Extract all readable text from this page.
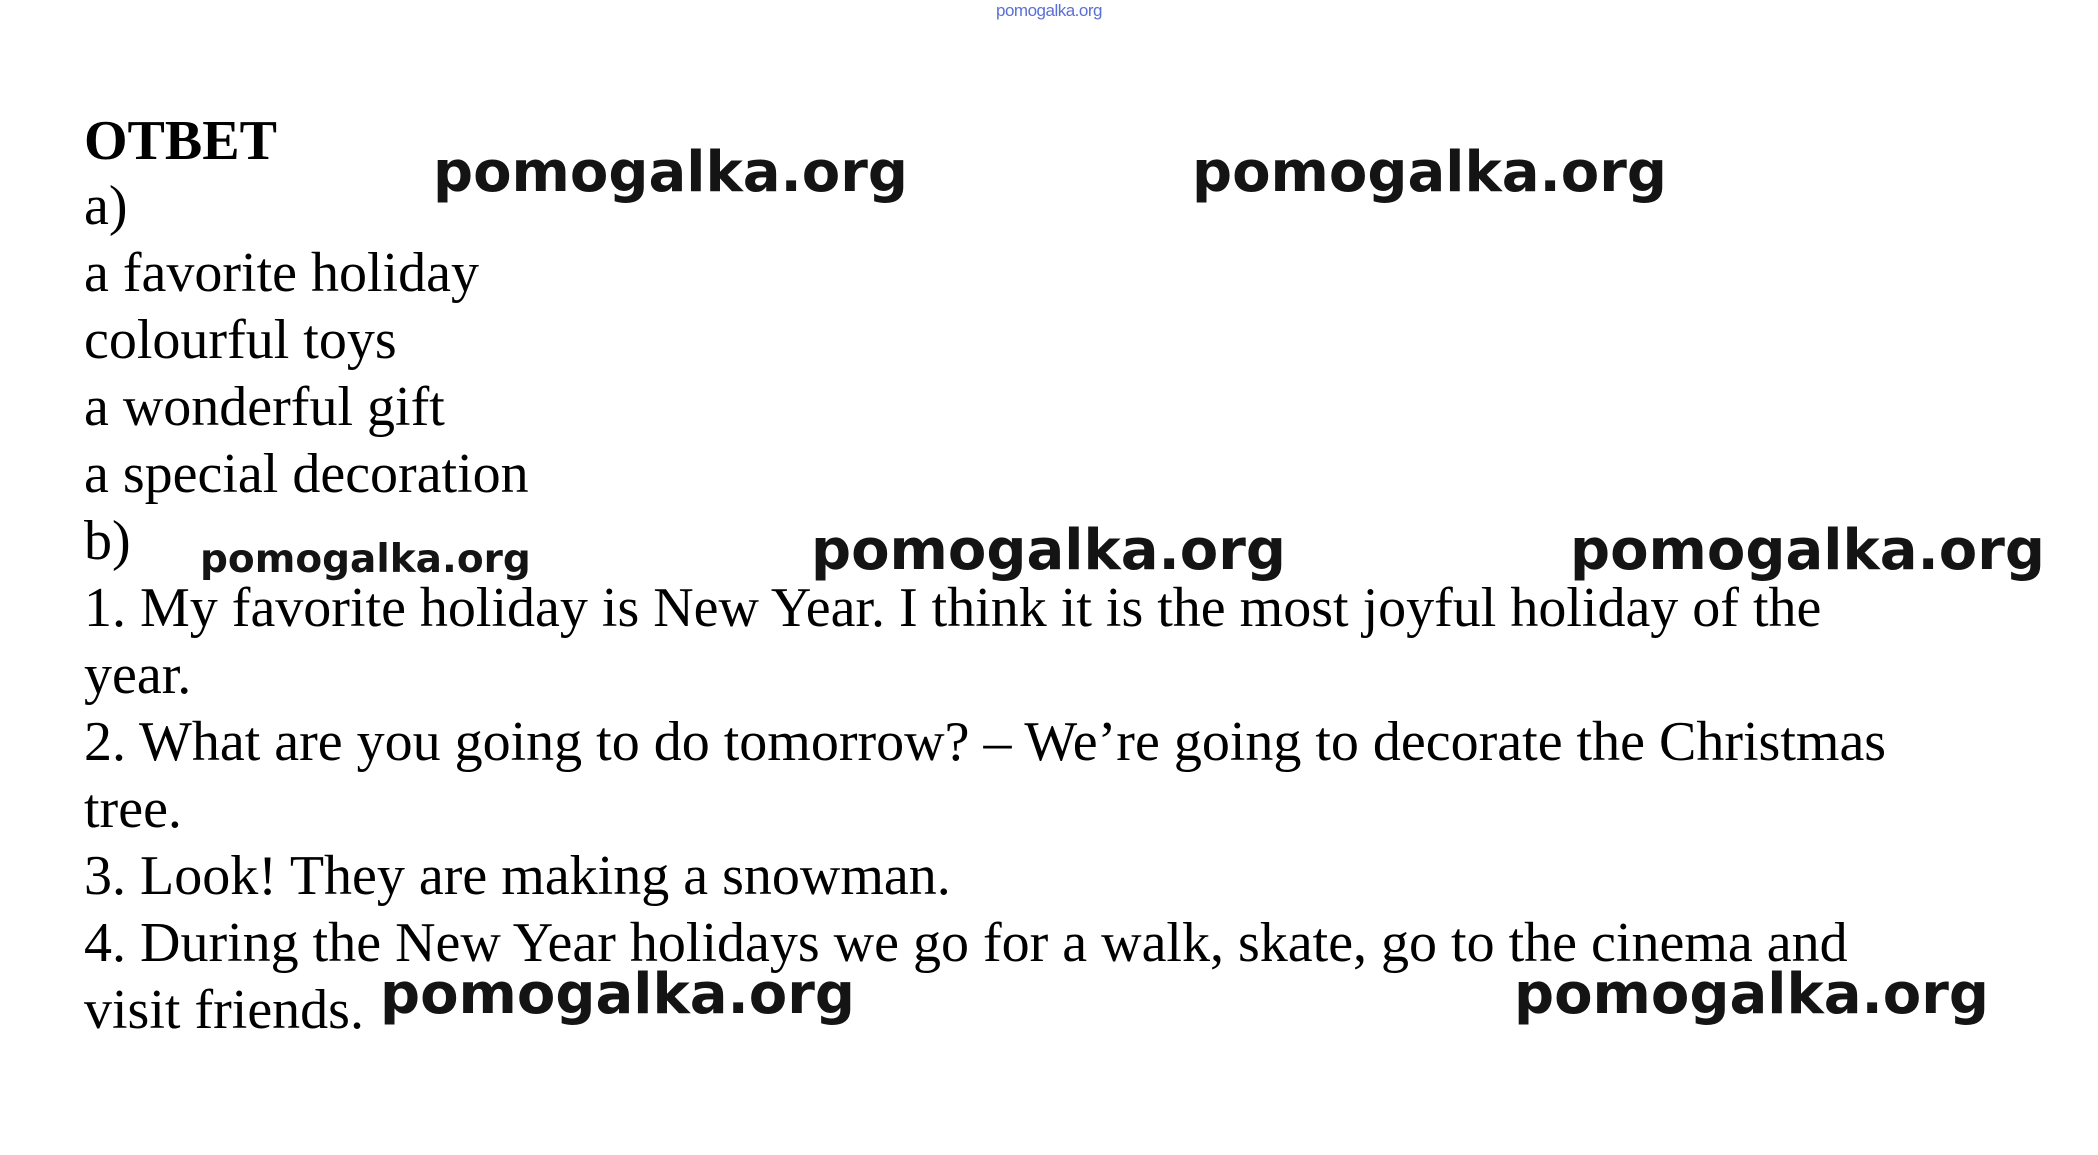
pomogalka.org
ОТВЕТ
a)
a favorite holiday
colourful toys
a wonderful gift
a special decoration
b)
1. My favorite holiday is New Year. I think it is the most joyful holiday of the
year.
2. What are you going to do tomorrow? – We’re going to decorate the Christmas
tree.
3. Look! They are making a snowman.
4. During the New Year holidays we go for a walk, skate, go to the cinema and
visit friends.
pomogalka.org	pomogalka.org
pomogalka.org	pomogalka.org	pomogalka.org
pomogalka.org	pomogalka.org
